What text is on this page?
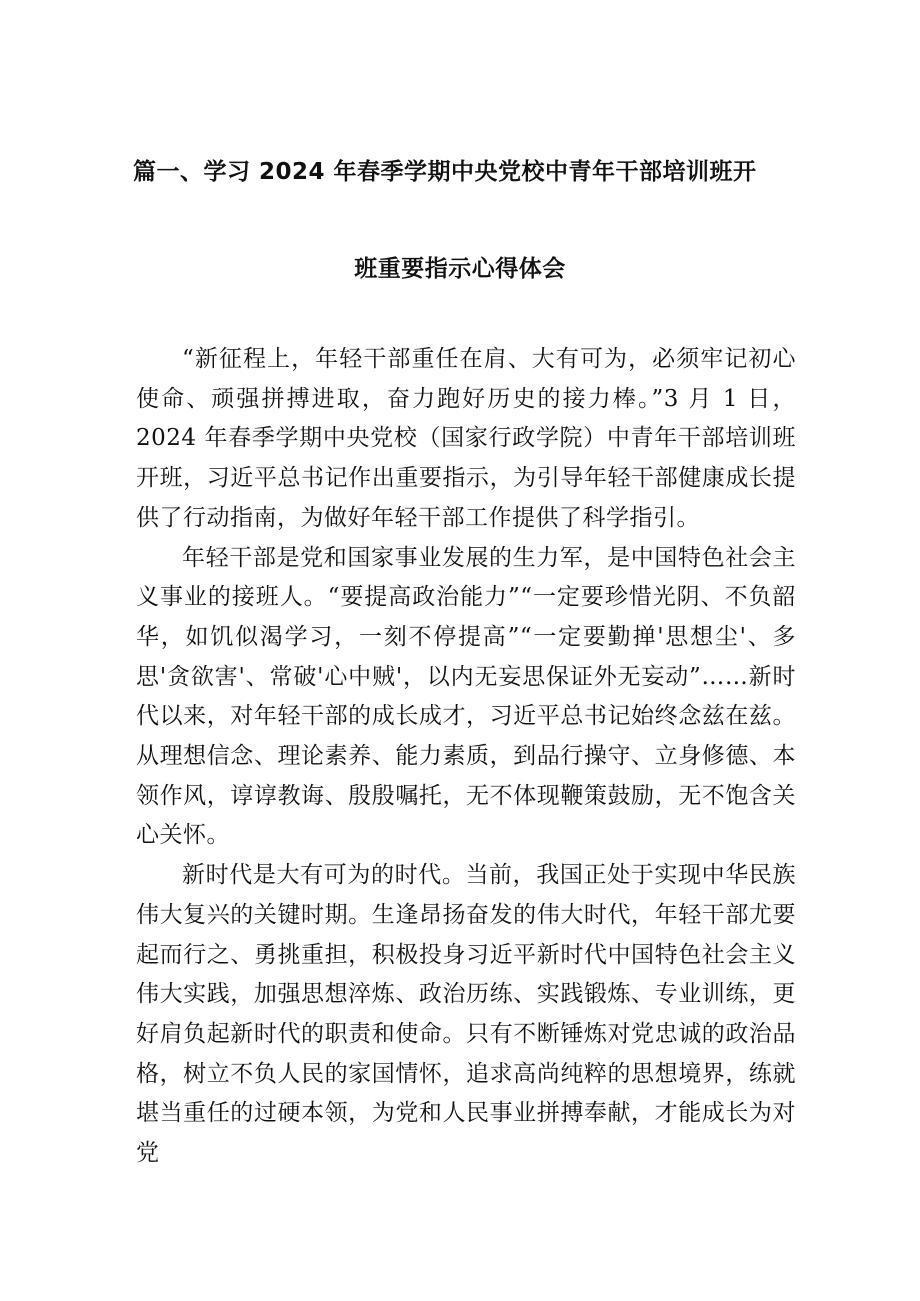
篇一、学习 2024 年春季学期中央党校中青年干部培训班开
班重要指示心得体会

“新征程上，年轻干部重任在肩、大有可为，必须牢记初心使命、顽强拼搏进取，奋力跑好历史的接力棒。”3 月 1 日，2024 年春季学期中央党校（国家行政学院）中青年干部培训班开班，习近平总书记作出重要指示，为引导年轻干部健康成长提供了行动指南，为做好年轻干部工作提供了科学指引。

年轻干部是党和国家事业发展的生力军，是中国特色社会主义事业的接班人。“要提高政治能力”“一定要珍惜光阴、不负韶华，如饥似渴学习，一刻不停提高”“一定要勤掸'思想尘'、多思'贪欲害'、常破'心中贼'，以内无妄思保证外无妄动”……新时代以来，对年轻干部的成长成才，习近平总书记始终念兹在兹。从理想信念、理论素养、能力素质，到品行操守、立身修德、本领作风，谆谆教诲、殷殷嘱托，无不体现鞭策鼓励，无不饱含关心关怀。

新时代是大有可为的时代。当前，我国正处于实现中华民族伟大复兴的关键时期。生逢昂扬奋发的伟大时代，年轻干部尤要起而行之、勇挑重担，积极投身习近平新时代中国特色社会主义伟大实践，加强思想淬炼、政治历练、实践锻炼、专业训练，更好肩负起新时代的职责和使命。只有不断锤炼对党忠诚的政治品格，树立不负人民的家国情怀，追求高尚纯粹的思想境界，练就堪当重任的过硬本领，为党和人民事业拼搏奉献，才能成长为对党
